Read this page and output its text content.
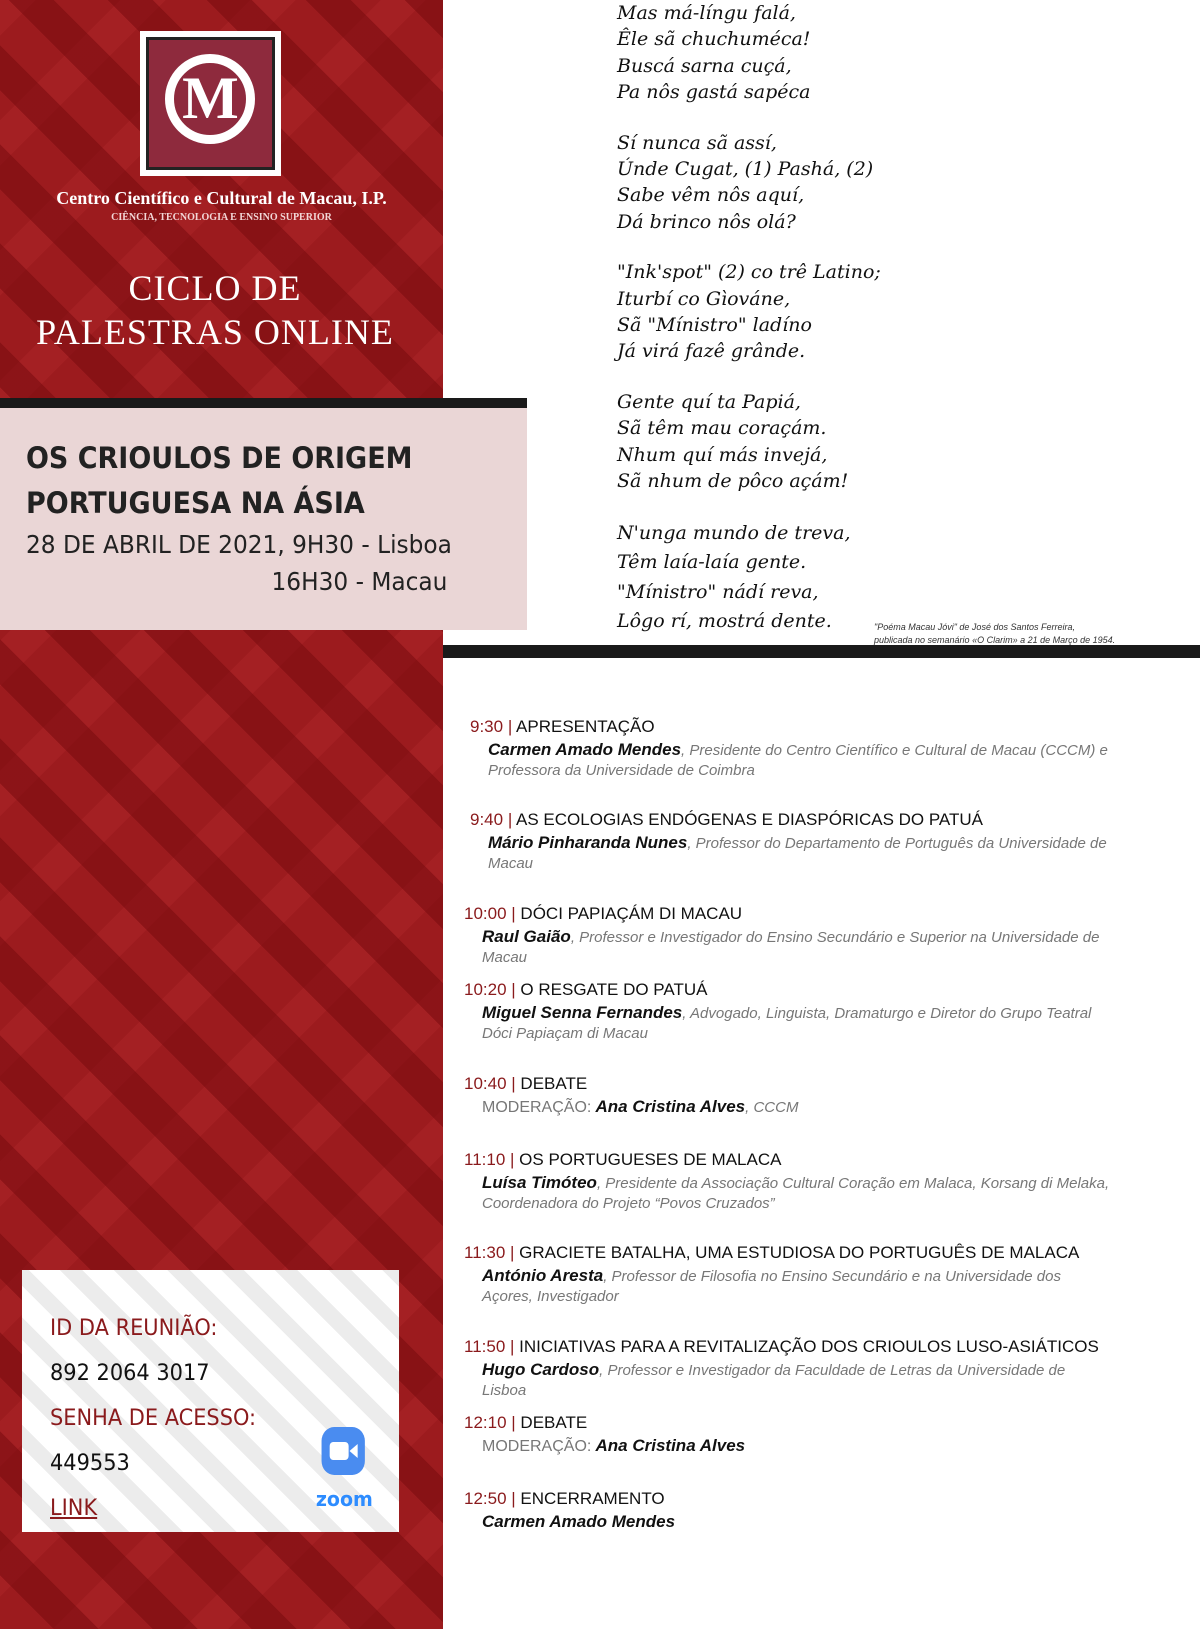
M
Centro Científico e Cultural de Macau, I.P.
CIÊNCIA, TECNOLOGIA E ENSINO SUPERIOR
CICLO DE
PALESTRAS ONLINE
ID DA REUNIÃO:
892 2064 3017
SENHA DE ACESSO:
449553
LINK	zoom
OS CRIOULOS DE ORIGEM
PORTUGUESA NA ÁSIA
28 DE ABRIL DE 2021, 9H30 - Lisboa
16H30 - Macau
Mas má-língu falá,
Êle sã chuchuméca!
Buscá sarna cuçá,
Pa nôs gastá sapéca
Sí nunca sã assí,
Únde Cugat, (1) Pashá, (2)
Sabe vêm nôs aquí,
Dá brinco nôs olá?
"Ink'spot" (2) co trê Latino;
Iturbí co Gìováne,
Sã "Mínistro" ladíno
Já virá fazê grânde.
Gente quí ta Papiá,
Sã têm mau coraçám.
Nhum quí más invejá,
Sã nhum de pôco açám!
N'unga mundo de treva,
Têm laía-laía gente.
"Mínistro" nádí reva,
Lôgo rí, mostrá dente.	"Poéma Macau Jóvi" de José dos Santos Ferreira,
publicada no semanário «O Clarim» a 21 de Março de 1954.
9:30 | APRESENTAÇÃO
Carmen Amado Mendes, Presidente do Centro Científico e Cultural de Macau (CCCM) e Professora da Universidade de Coimbra
9:40 | AS ECOLOGIAS ENDÓGENAS E DIASPÓRICAS DO PATUÁ
Mário Pinharanda Nunes, Professor do Departamento de Português da Universidade de Macau
10:00 | DÓCI PAPIAÇÁM DI MACAU
Raul Gaião, Professor e Investigador do Ensino Secundário e Superior na Universidade de Macau
10:20 | O RESGATE DO PATUÁ
Miguel Senna Fernandes, Advogado, Linguista, Dramaturgo e Diretor do Grupo Teatral Dóci Papiaçam di Macau
10:40 | DEBATE
MODERAÇÃO: Ana Cristina Alves, CCCM
11:10 | OS PORTUGUESES DE MALACA
Luísa Timóteo, Presidente da Associação Cultural Coração em Malaca, Korsang di Melaka, Coordenadora do Projeto “Povos Cruzados”
11:30 | GRACIETE BATALHA, UMA ESTUDIOSA DO PORTUGUÊS DE MALACA
António Aresta, Professor de Filosofia no Ensino Secundário e na Universidade dos Açores, Investigador
11:50 | INICIATIVAS PARA A REVITALIZAÇÃO DOS CRIOULOS LUSO-ASIÁTICOS
Hugo Cardoso, Professor e Investigador da Faculdade de Letras da Universidade de Lisboa
12:10 | DEBATE
MODERAÇÃO: Ana Cristina Alves
12:50 | ENCERRAMENTO
Carmen Amado Mendes
